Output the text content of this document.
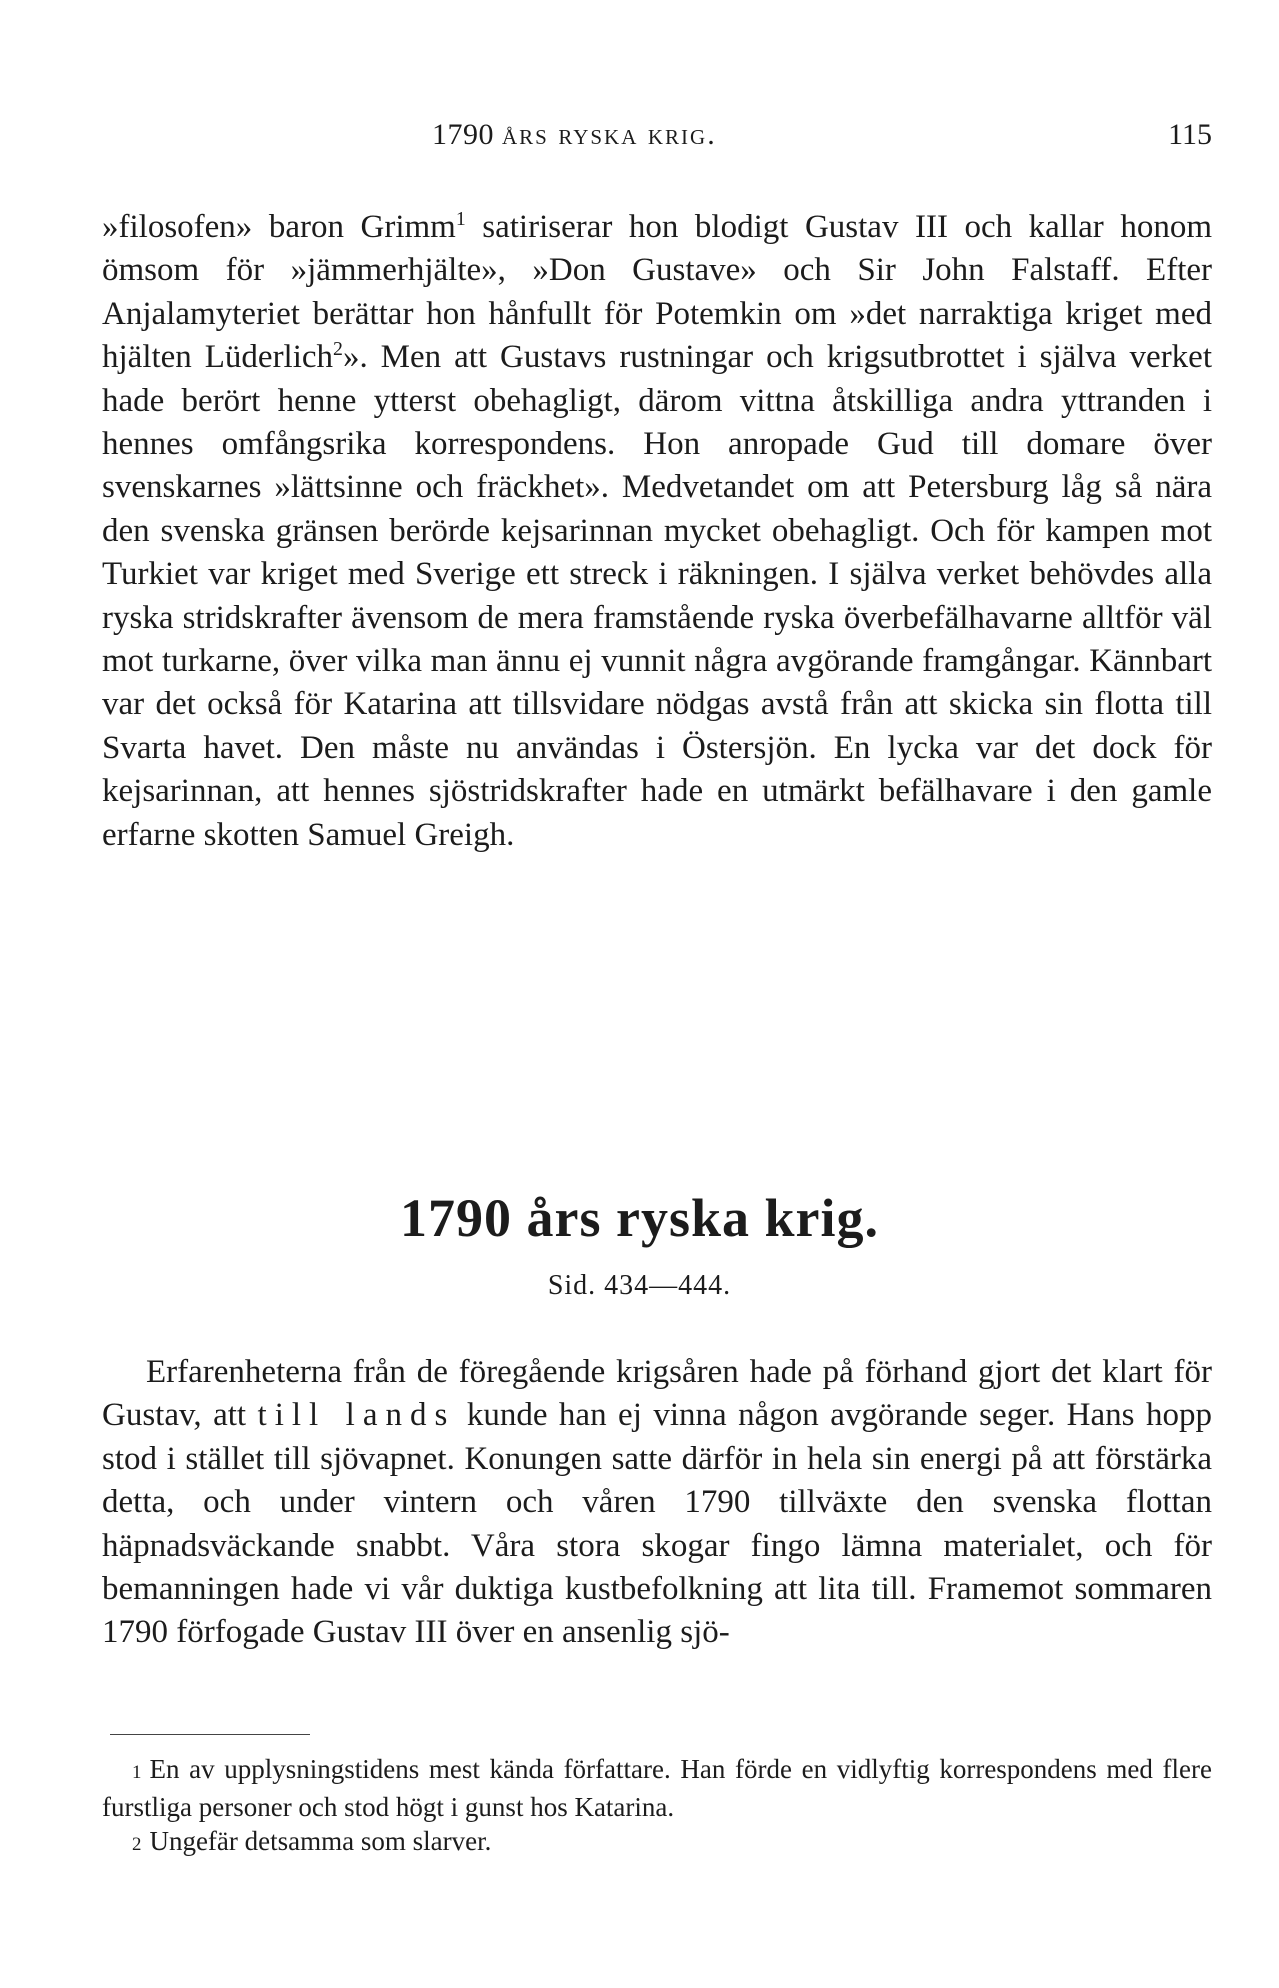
1790 års ryska krig.	115

»filosofen» baron Grimm$^1$ satiriserar hon blodigt Gustav III och kallar honom ömsom för »jämmerhjälte», »Don Gustave» och Sir John Falstaff. Efter Anjalamyteriet berättar hon hånfullt för Potemkin om »det narraktiga kriget med hjälten Lüderlich$^2$». Men att Gustavs rustningar och krigsutbrottet i själva verket hade berört henne ytterst obehagligt, därom vittna åtskilliga andra yttranden i hennes omfångsrika korrespondens. Hon anropade Gud till domare över svenskarnes »lättsinne och fräckhet». Medvetandet om att Petersburg låg så nära den svenska gränsen berörde kejsarinnan mycket obehagligt. Och för kampen mot Turkiet var kriget med Sverige ett streck i räkningen. I själva verket behövdes alla ryska stridskrafter ävensom de mera framstående ryska överbefälhavarne alltför väl mot turkarne, över vilka man ännu ej vunnit några avgörande framgångar. Kännbart var det också för Katarina att tillsvidare nödgas avstå från att skicka sin flotta till Svarta havet. Den måste nu användas i Östersjön. En lycka var det dock för kejsarinnan, att hennes sjöstridskrafter hade en utmärkt befälhavare i den gamle erfarne skotten Samuel Greigh.

1790 års ryska krig.
Sid. 434—444.

Erfarenheterna från de föregående krigsåren hade på förhand gjort det klart för Gustav, att till lands kunde han ej vinna någon avgörande seger. Hans hopp stod i stället till sjövapnet. Konungen satte därför in hela sin energi på att förstärka detta, och under vintern och våren 1790 tillväxte den svenska flottan häpnadsväckande snabbt. Våra stora skogar fingo lämna materialet, och för bemanningen hade vi vår duktiga kustbefolkning att lita till. Framemot sommaren 1790 förfogade Gustav III över en ansenlig sjö-

1 En av upplysningstidens mest kända författare. Han förde en vidlyftig korrespondens med flere furstliga personer och stod högt i gunst hos Katarina.

2 Ungefär detsamma som slarver.
